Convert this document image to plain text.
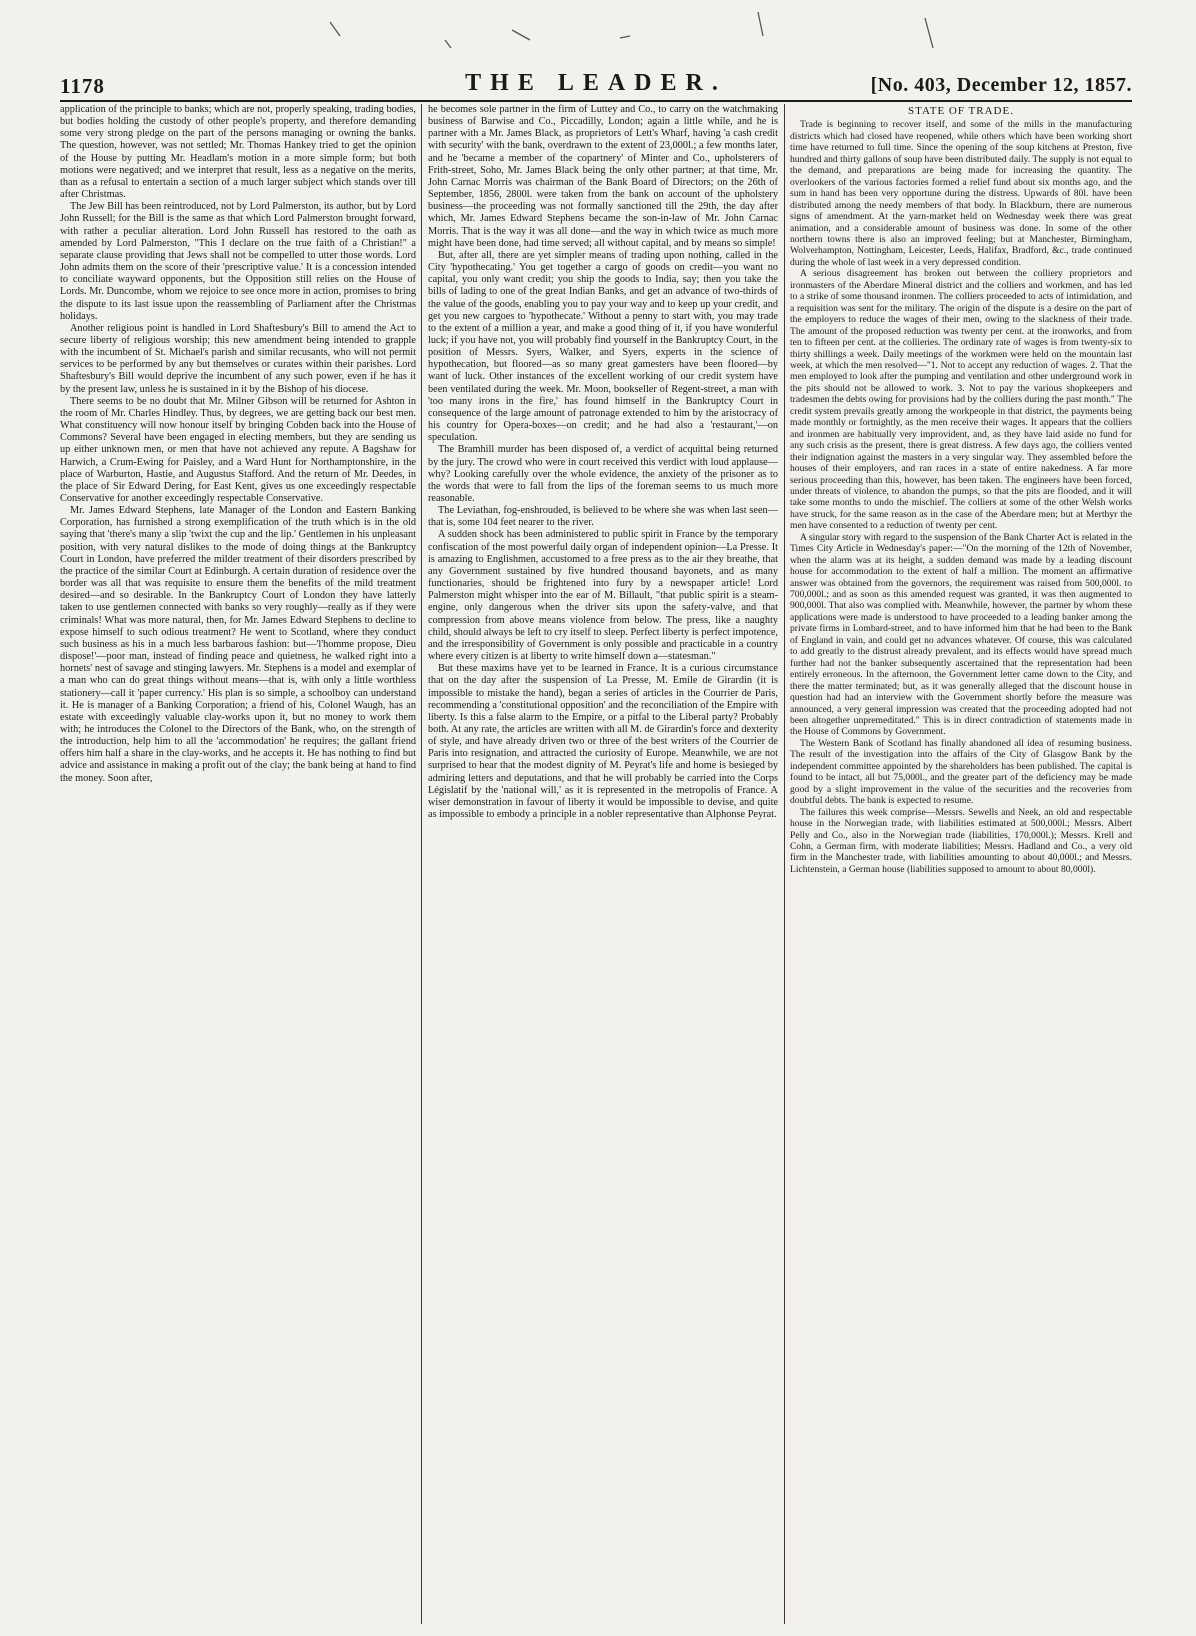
1178	THE LEADER.	[No. 403, December 12, 1857.

application of the principle to banks; which are not, properly speaking, trading bodies, but bodies holding the custody of other people's property, and therefore demanding some very strong pledge on the part of the persons managing or owning the banks. The question, however, was not settled; Mr. Thomas Hankey tried to get the opinion of the House by putting Mr. Headlam's motion in a more simple form; but both motions were negatived; and we interpret that result, less as a negative on the merits, than as a refusal to entertain a section of a much larger subject which stands over till after Christmas.

The Jew Bill has been reintroduced, not by Lord Palmerston, its author, but by Lord John Russell; for the Bill is the same as that which Lord Palmerston brought forward, with rather a peculiar alteration. Lord John Russell has restored to the oath as amended by Lord Palmerston, "This I declare on the true faith of a Christian!" a separate clause providing that Jews shall not be compelled to utter those words. Lord John admits them on the score of their 'prescriptive value.' It is a concession intended to conciliate wayward opponents, but the Opposition still relies on the House of Lords. Mr. Duncombe, whom we rejoice to see once more in action, promises to bring the dispute to its last issue upon the reassembling of Parliament after the Christmas holidays.

Another religious point is handled in Lord Shaftesbury's Bill to amend the Act to secure liberty of religious worship; this new amendment being intended to grapple with the incumbent of St. Michael's parish and similar recusants, who will not permit services to be performed by any but themselves or curates within their parishes. Lord Shaftesbury's Bill would deprive the incumbent of any such power, even if he has it by the present law, unless he is sustained in it by the Bishop of his diocese.

There seems to be no doubt that Mr. Milner Gibson will be returned for Ashton in the room of Mr. Charles Hindley. Thus, by degrees, we are getting back our best men. What constituency will now honour itself by bringing Cobden back into the House of Commons? Several have been engaged in electing members, but they are sending us up either unknown men, or men that have not achieved any repute. A Bagshaw for Harwich, a Crum-Ewing for Paisley, and a Ward Hunt for Northamptonshire, in the place of Warburton, Hastie, and Augustus Stafford. And the return of Mr. Deedes, in the place of Sir Edward Dering, for East Kent, gives us one exceedingly respectable Conservative for another exceedingly respectable Conservative.

Mr. James Edward Stephens, late Manager of the London and Eastern Banking Corporation, has furnished a strong exemplification of the truth which is in the old saying that 'there's many a slip 'twixt the cup and the lip.' Gentlemen in his unpleasant position, with very natural dislikes to the mode of doing things at the Bankruptcy Court in London, have preferred the milder treatment of their disorders prescribed by the practice of the similar Court at Edinburgh. A certain duration of residence over the border was all that was requisite to ensure them the benefits of the mild treatment desired—and so desirable. In the Bankruptcy Court of London they have latterly taken to use gentlemen connected with banks so very roughly—really as if they were criminals! What was more natural, then, for Mr. James Edward Stephens to decline to expose himself to such odious treatment? He went to Scotland, where they conduct such business as his in a much less barbarous fashion: but—'l'homme propose, Dieu dispose!'—poor man, instead of finding peace and quietness, he walked right into a hornets' nest of savage and stinging lawyers. Mr. Stephens is a model and exemplar of a man who can do great things without means—that is, with only a little worthless stationery—call it 'paper currency.' His plan is so simple, a schoolboy can understand it. He is manager of a Banking Corporation; a friend of his, Colonel Waugh, has an estate with exceedingly valuable clay-works upon it, but no money to work them with; he introduces the Colonel to the Directors of the Bank, who, on the strength of the introduction, help him to all the 'accommodation' he requires; the gallant friend offers him half a share in the clay-works, and he accepts it. He has nothing to find but advice and assistance in making a profit out of the clay; the bank being at hand to find the money. Soon after,

he becomes sole partner in the firm of Luttey and Co., to carry on the watchmaking business of Barwise and Co., Piccadilly, London; again a little while, and he is partner with a Mr. James Black, as proprietors of Lett's Wharf, having 'a cash credit with security' with the bank, overdrawn to the extent of 23,000l.; a few months later, and he 'became a member of the copartnery' of Minter and Co., upholsterers of Frith-street, Soho, Mr. James Black being the only other partner; at that time, Mr. John Carnac Morris was chairman of the Bank Board of Directors; on the 26th of September, 1856, 2800l. were taken from the bank on account of the upholstery business—the proceeding was not formally sanctioned till the 29th, the day after which, Mr. James Edward Stephens became the son-in-law of Mr. John Carnac Morris. That is the way it was all done—and the way in which twice as much more might have been done, had time served; all without capital, and by means so simple!

But, after all, there are yet simpler means of trading upon nothing, called in the City 'hypothecating.' You get together a cargo of goods on credit—you want no capital, you only want credit; you ship the goods to India, say; then you take the bills of lading to one of the great Indian Banks, and get an advance of two-thirds of the value of the goods, enabling you to pay your way and to keep up your credit, and get you new cargoes to 'hypothecate.' Without a penny to start with, you may trade to the extent of a million a year, and make a good thing of it, if you have wonderful luck; if you have not, you will probably find yourself in the Bankruptcy Court, in the position of Messrs. Syers, Walker, and Syers, experts in the science of hypothecation, but floored—as so many great gamesters have been floored—by want of luck. Other instances of the excellent working of our credit system have been ventilated during the week. Mr. Moon, bookseller of Regent-street, a man with 'too many irons in the fire,' has found himself in the Bankruptcy Court in consequence of the large amount of patronage extended to him by the aristocracy of his country for Opera-boxes—on credit; and he had also a 'restaurant,'—on speculation.

The Bramhill murder has been disposed of, a verdict of acquittal being returned by the jury. The crowd who were in court received this verdict with loud applause—why? Looking carefully over the whole evidence, the anxiety of the prisoner as to the words that were to fall from the lips of the foreman seems to us much more reasonable.

The Leviathan, fog-enshrouded, is believed to be where she was when last seen—that is, some 104 feet nearer to the river.

A sudden shock has been administered to public spirit in France by the temporary confiscation of the most powerful daily organ of independent opinion—La Presse. It is amazing to Englishmen, accustomed to a free press as to the air they breathe, that any Government sustained by five hundred thousand bayonets, and as many functionaries, should be frightened into fury by a newspaper article! Lord Palmerston might whisper into the ear of M. Billault, "that public spirit is a steam-engine, only dangerous when the driver sits upon the safety-valve, and that compression from above means violence from below. The press, like a naughty child, should always be left to cry itself to sleep. Perfect liberty is perfect impotence, and the irresponsibility of Government is only possible and practicable in a country where every citizen is at liberty to write himself down a—statesman."

But these maxims have yet to be learned in France. It is a curious circumstance that on the day after the suspension of La Presse, M. Emile de Girardin (it is impossible to mistake the hand), began a series of articles in the Courrier de Paris, recommending a 'constitutional opposition' and the reconciliation of the Empire with liberty. Is this a false alarm to the Empire, or a pitfal to the Liberal party? Probably both. At any rate, the articles are written with all M. de Girardin's force and dexterity of style, and have already driven two or three of the best writers of the Courrier de Paris into resignation, and attracted the curiosity of Europe. Meanwhile, we are not surprised to hear that the modest dignity of M. Peyrat's life and home is besieged by admiring letters and deputations, and that he will probably be carried into the Corps Législatif by the 'national will,' as it is represented in the metropolis of France. A wiser demonstration in favour of liberty it would be impossible to devise, and quite as impossible to embody a principle in a nobler representative than Alphonse Peyrat.

STATE OF TRADE.

Trade is beginning to recover itself, and some of the mills in the manufacturing districts which had closed have reopened, while others which have been working short time have returned to full time. Since the opening of the soup kitchens at Preston, five hundred and thirty gallons of soup have been distributed daily. The supply is not equal to the demand, and preparations are being made for increasing the quantity. The overlookers of the various factories formed a relief fund about six months ago, and the sum in hand has been very opportune during the distress. Upwards of 80l. have been distributed among the needy members of that body. In Blackburn, there are numerous signs of amendment. At the yarn-market held on Wednesday week there was great animation, and a considerable amount of business was done. In some of the other northern towns there is also an improved feeling; but at Manchester, Birmingham, Wolverhampton, Nottingham, Leicester, Leeds, Halifax, Bradford, &c., trade continued during the whole of last week in a very depressed condition.

A serious disagreement has broken out between the colliery proprietors and ironmasters of the Aberdare Mineral district and the colliers and workmen, and has led to a strike of some thousand ironmen. The colliers proceeded to acts of intimidation, and a requisition was sent for the military. The origin of the dispute is a desire on the part of the employers to reduce the wages of their men, owing to the slackness of their trade. The amount of the proposed reduction was twenty per cent. at the ironworks, and from ten to fifteen per cent. at the collieries. The ordinary rate of wages is from twenty-six to thirty shillings a week. Daily meetings of the workmen were held on the mountain last week, at which the men resolved—"1. Not to accept any reduction of wages. 2. That the men employed to look after the pumping and ventilation and other underground work in the pits should not be allowed to work. 3. Not to pay the various shopkeepers and tradesmen the debts owing for provisions had by the colliers during the past month." The credit system prevails greatly among the workpeople in that district, the payments being made monthly or fortnightly, as the men receive their wages. It appears that the colliers and ironmen are habitually very improvident, and, as they have laid aside no fund for any such crisis as the present, there is great distress. A few days ago, the colliers vented their indignation against the masters in a very singular way. They assembled before the houses of their employers, and ran races in a state of entire nakedness. A far more serious proceeding than this, however, has been taken. The engineers have been forced, under threats of violence, to abandon the pumps, so that the pits are flooded, and it will take some months to undo the mischief. The colliers at some of the other Welsh works have struck, for the same reason as in the case of the Aberdare men; but at Merthyr the men have consented to a reduction of twenty per cent.

A singular story with regard to the suspension of the Bank Charter Act is related in the Times City Article in Wednesday's paper:—"On the morning of the 12th of November, when the alarm was at its height, a sudden demand was made by a leading discount house for accommodation to the extent of half a million. The moment an affirmative answer was obtained from the governors, the requirement was raised from 500,000l. to 700,000l.; and as soon as this amended request was granted, it was then augmented to 900,000l. That also was complied with. Meanwhile, however, the partner by whom these applications were made is understood to have proceeded to a leading banker among the private firms in Lombard-street, and to have informed him that he had been to the Bank of England in vain, and could get no advances whatever. Of course, this was calculated to add greatly to the distrust already prevalent, and its effects would have spread much further had not the banker subsequently ascertained that the representation had been entirely erroneous. In the afternoon, the Government letter came down to the City, and there the matter terminated; but, as it was generally alleged that the discount house in question had had an interview with the Government shortly before the measure was announced, a very general impression was created that the proceeding adopted had not been altogether unpremeditated." This is in direct contradiction of statements made in the House of Commons by Government.

The Western Bank of Scotland has finally abandoned all idea of resuming business. The result of the investigation into the affairs of the City of Glasgow Bank by the independent committee appointed by the shareholders has been published. The capital is found to be intact, all but 75,000l., and the greater part of the deficiency may be made good by a slight improvement in the value of the securities and the recoveries from doubtful debts. The bank is expected to resume.

The failures this week comprise—Messrs. Sewells and Neek, an old and respectable house in the Norwegian trade, with liabilities estimated at 500,000l.; Messrs. Albert Pelly and Co., also in the Norwegian trade (liabilities, 170,000l.); Messrs. Krell and Cohn, a German firm, with moderate liabilities; Messrs. Hadland and Co., a very old firm in the Manchester trade, with liabilities amounting to about 40,000l.; and Messrs. Lichtenstein, a German house (liabilities supposed to amount to about 80,000l).
